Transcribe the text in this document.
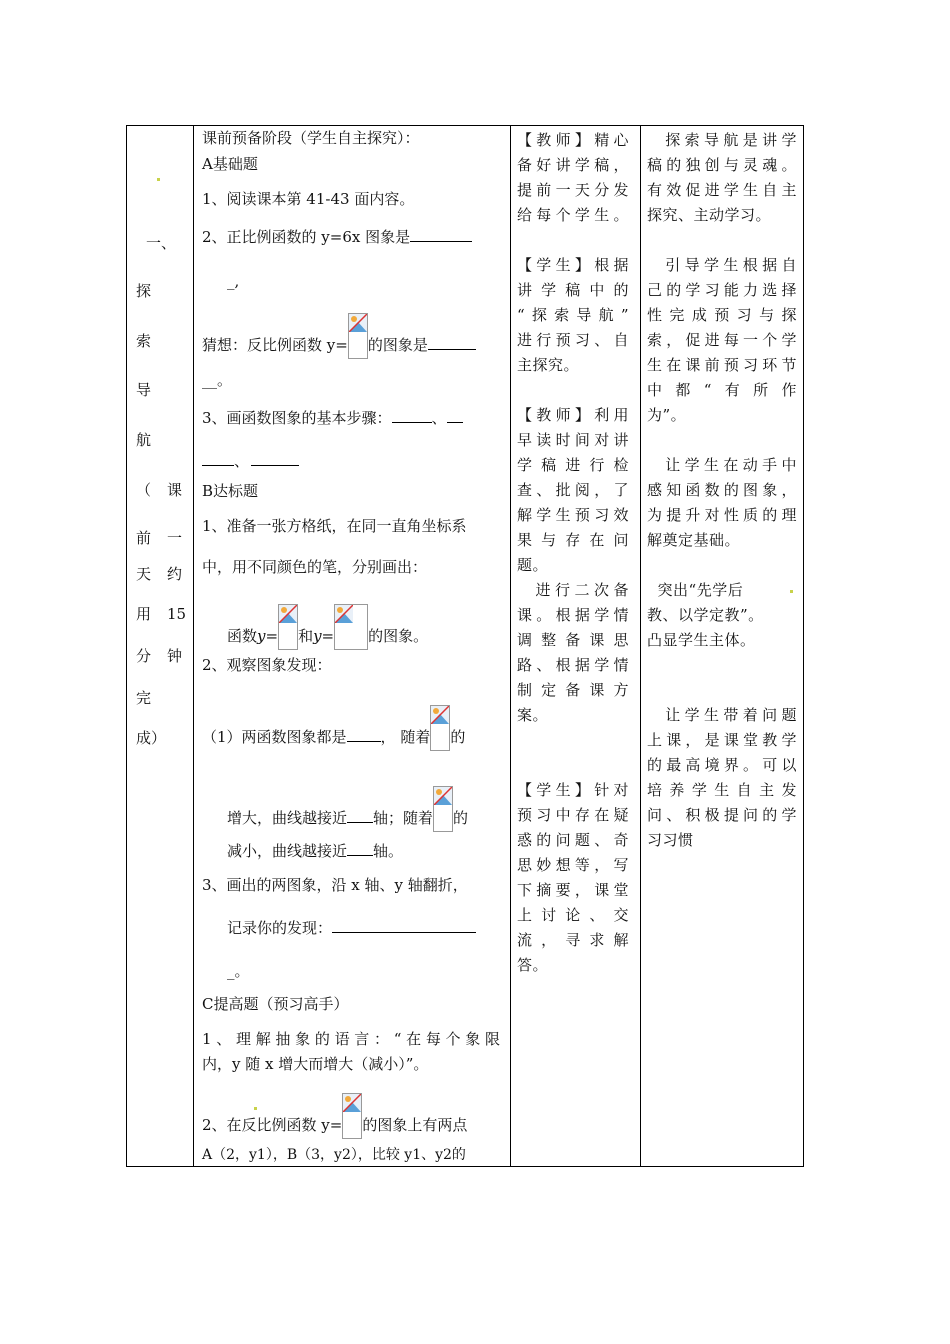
一、
探
索
导
航
（ 课
前 一
天 约
用 15
分 钟
完
成）
课前预备阶段（学生自主探究）：
A基础题
1、阅读课本第 41-43 面内容。
2、正比例函数的 y=6x 图象是
_,
猜想：反比例函数 y= 的图象是
__。
3、画函数图象的基本步骤：	、
、
B达标题
1、准备一张方格纸，在同一直角坐标系
中，用不同颜色的笔，分别画出：
函数y= 和y= 的图象。
2、观察图象发现：
（1）两函数图象都是 ， 随着 的
增大，曲线越接近 轴；随着 的
减小，曲线越接近 轴。
3、画出的两图象，沿 x 轴、y 轴翻折，
记录你的发现：
_。
C提高题（预习高手）
1、理解抽象的语言：“在每个象限
内，y 随 x 增大而增大（减小）”。
2、在反比例函数 y= 的图象上有两点
A（2，y1），B（3，y2），比较 y1、y2的
【教师】精心
备好讲学稿，
提前一天分发
给每个学生。

【学生】根据
讲学稿中的
“探索导航”
进行预习、自
主探究。

【教师】利用
早读时间对讲
学稿进行检
查、批阅，了
解学生预习效
果与存在问
题。
进行二次备
课。根据学情
调整备课思
路、根据学情
制定备课方
案。

【学生】针对
预习中存在疑
惑的问题、奇
思妙想等，写
下摘要，课堂
上讨论、交
流，寻求解
答。
探索导航是讲学
稿的独创与灵魂。
有效促进学生自主
探究、主动学习。

引导学生根据自
己的学习能力选择
性完成预习与探
索，促进每一个学
生在课前预习环节
中都“有所作
为”。

让学生在动手中
感知函数的图象，
为提升对性质的理
解奠定基础。

突出“先学后
教、以学定教”。
凸显学生主体。

让学生带着问题
上课，是课堂教学
的最高境界。可以
培养学生自主发
问、积极提问的学
习习惯
